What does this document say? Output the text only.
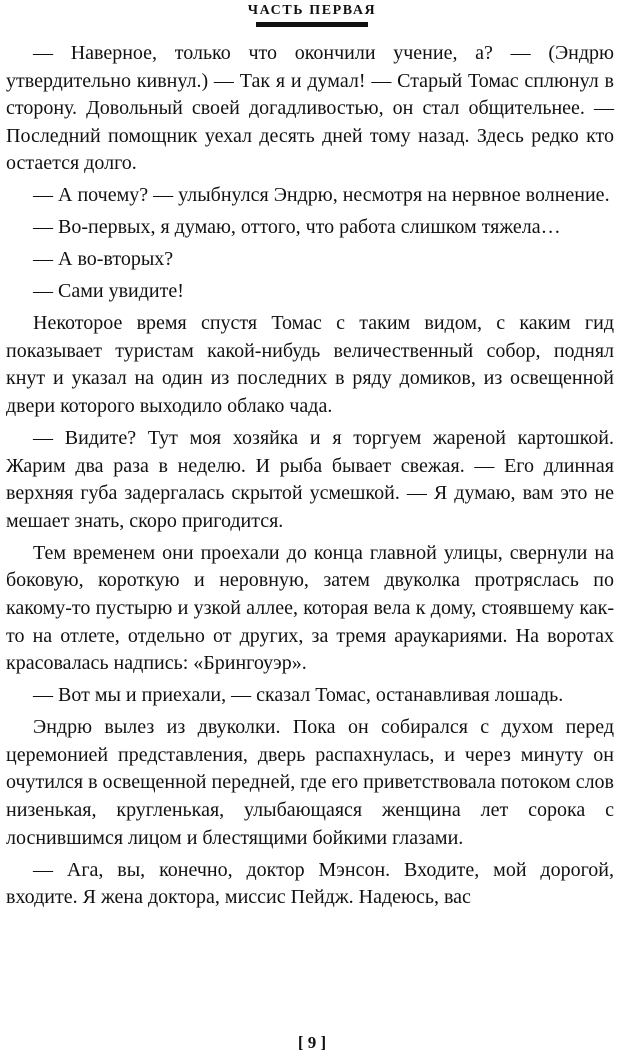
ЧАСТЬ ПЕРВАЯ

— Наверное, только что окончили учение, а? — (Эндрю утвердительно кивнул.) — Так я и думал! — Старый Томас сплюнул в сторону. Довольный своей догадливостью, он стал общительнее. — Последний помощник уехал десять дней тому назад. Здесь редко кто остается долго.

— А почему? — улыбнулся Эндрю, несмотря на нервное волнение.

— Во-первых, я думаю, оттого, что работа слишком тяжела…

— А во-вторых?

— Сами увидите!

Некоторое время спустя Томас с таким видом, с каким гид показывает туристам какой-нибудь величественный собор, поднял кнут и указал на один из последних в ряду домиков, из освещенной двери которого выходило облако чада.

— Видите? Тут моя хозяйка и я торгуем жареной картошкой. Жарим два раза в неделю. И рыба бывает свежая. — Его длинная верхняя губа задергалась скрытой усмешкой. — Я думаю, вам это не мешает знать, скоро пригодится.

Тем временем они проехали до конца главной улицы, свернули на боковую, короткую и неровную, затем двуколка протряслась по какому-то пустырю и узкой аллее, которая вела к дому, стоявшему как-то на отлете, отдельно от других, за тремя араукариями. На воротах красовалась надпись: «Брингоуэр».

— Вот мы и приехали, — сказал Томас, останавливая лошадь.

Эндрю вылез из двуколки. Пока он собирался с духом перед церемонией представления, дверь распахнулась, и через минуту он очутился в освещенной передней, где его приветствовала потоком слов низенькая, кругленькая, улыбающаяся женщина лет сорока с лоснившимся лицом и блестящими бойкими глазами.

— Ага, вы, конечно, доктор Мэнсон. Входите, мой дорогой, входите. Я жена доктора, миссис Пейдж. Надеюсь, вас

[ 9 ]
